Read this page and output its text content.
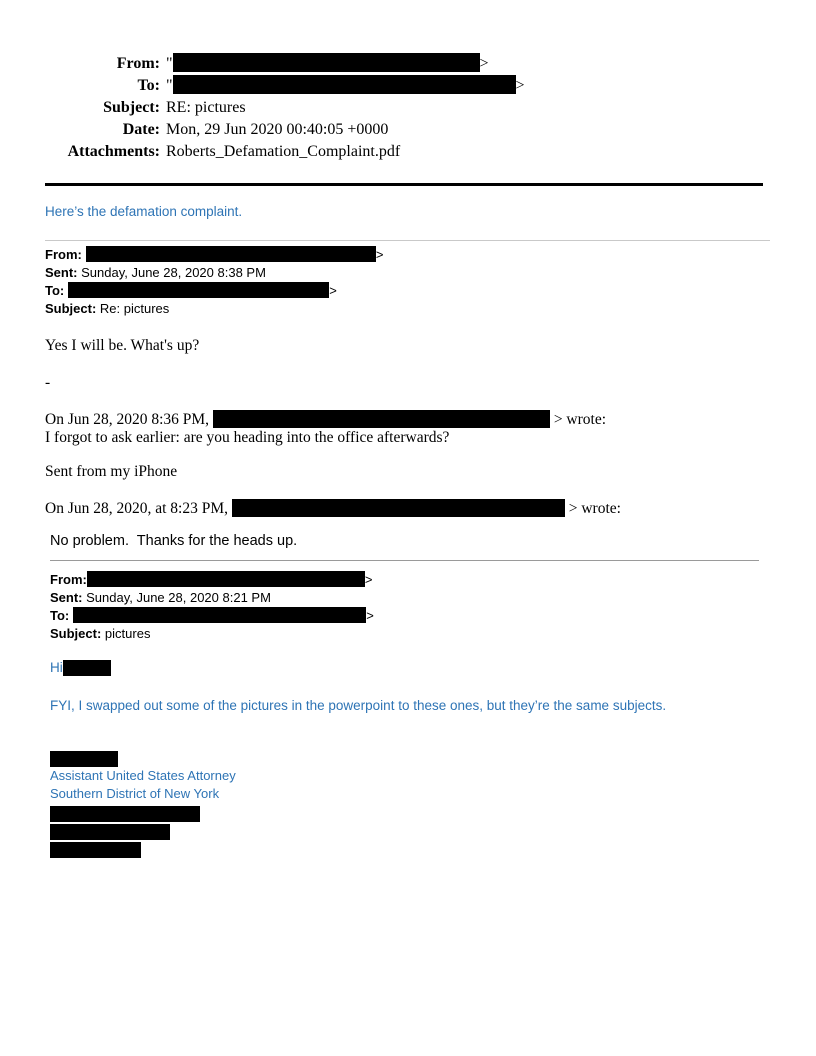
From: "	>
To: "	>
Subject: RE: pictures
Date: Mon, 29 Jun 2020 00:40:05 +0000
Attachments: Roberts_Defamation_Complaint.pdf
Here’s the defamation complaint.
From:	>
Sent: Sunday, June 28, 2020 8:38 PM
To:	>
Subject: Re: pictures

Yes I will be. What's up?

-

On Jun 28, 2020 8:36 PM,	> wrote:
I forgot to ask earlier: are you heading into the office afterwards?

Sent from my iPhone

On Jun 28, 2020, at 8:23 PM,	> wrote:
No problem.  Thanks for the heads up.
From:	>
Sent: Sunday, June 28, 2020 8:21 PM
To:	>
Subject: pictures
Hi
FYI, I swapped out some of the pictures in the powerpoint to these ones, but they’re the same subjects.
Assistant United States Attorney
Southern District of New York
